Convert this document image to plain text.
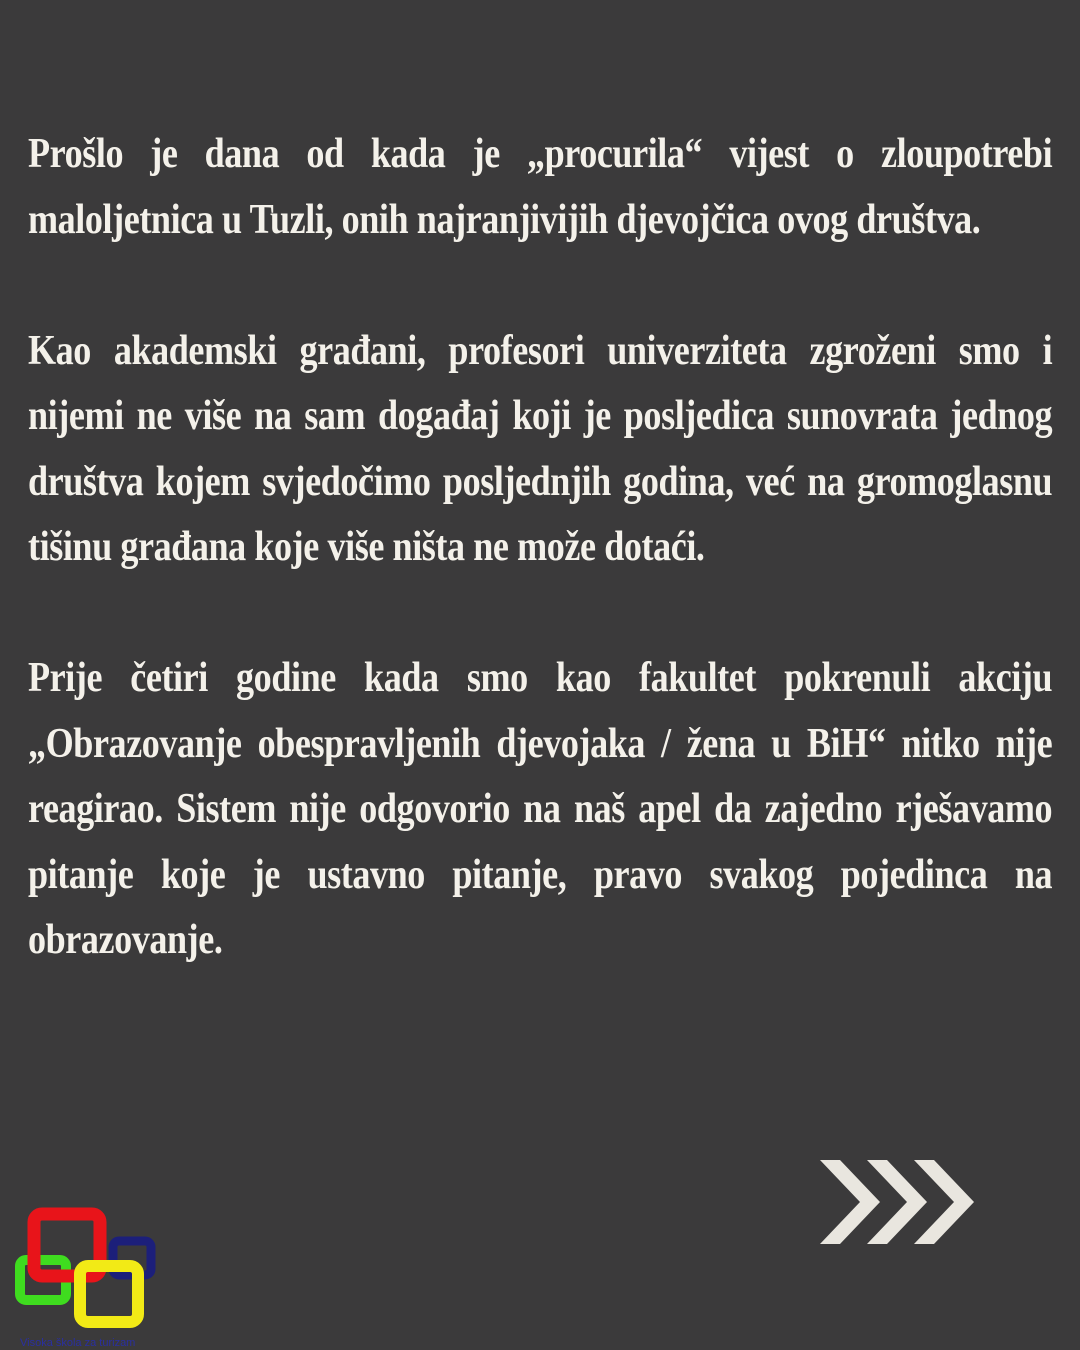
Prošlo je dana od kada je „procurila“ vijest o zloupotrebi maloljetnica u Tuzli, onih najranjivijih djevojčica ovog društva.

Kao akademski građani, profesori univerziteta zgroženi smo i nijemi ne više na sam događaj koji je posljedica sunovrata jednog društva kojem svjedočimo posljednjih godina, već na gromoglasnu tišinu građana koje više ništa ne može dotaći.

Prije četiri godine kada smo kao fakultet pokrenuli akciju „Obrazovanje obespravljenih djevojaka / žena u BiH“ nitko nije reagirao. Sistem nije odgovorio na naš apel da zajedno rješavamo pitanje koje je ustavno pitanje, pravo svakog pojedinca na obrazovanje.

Visoka škola za turizam
